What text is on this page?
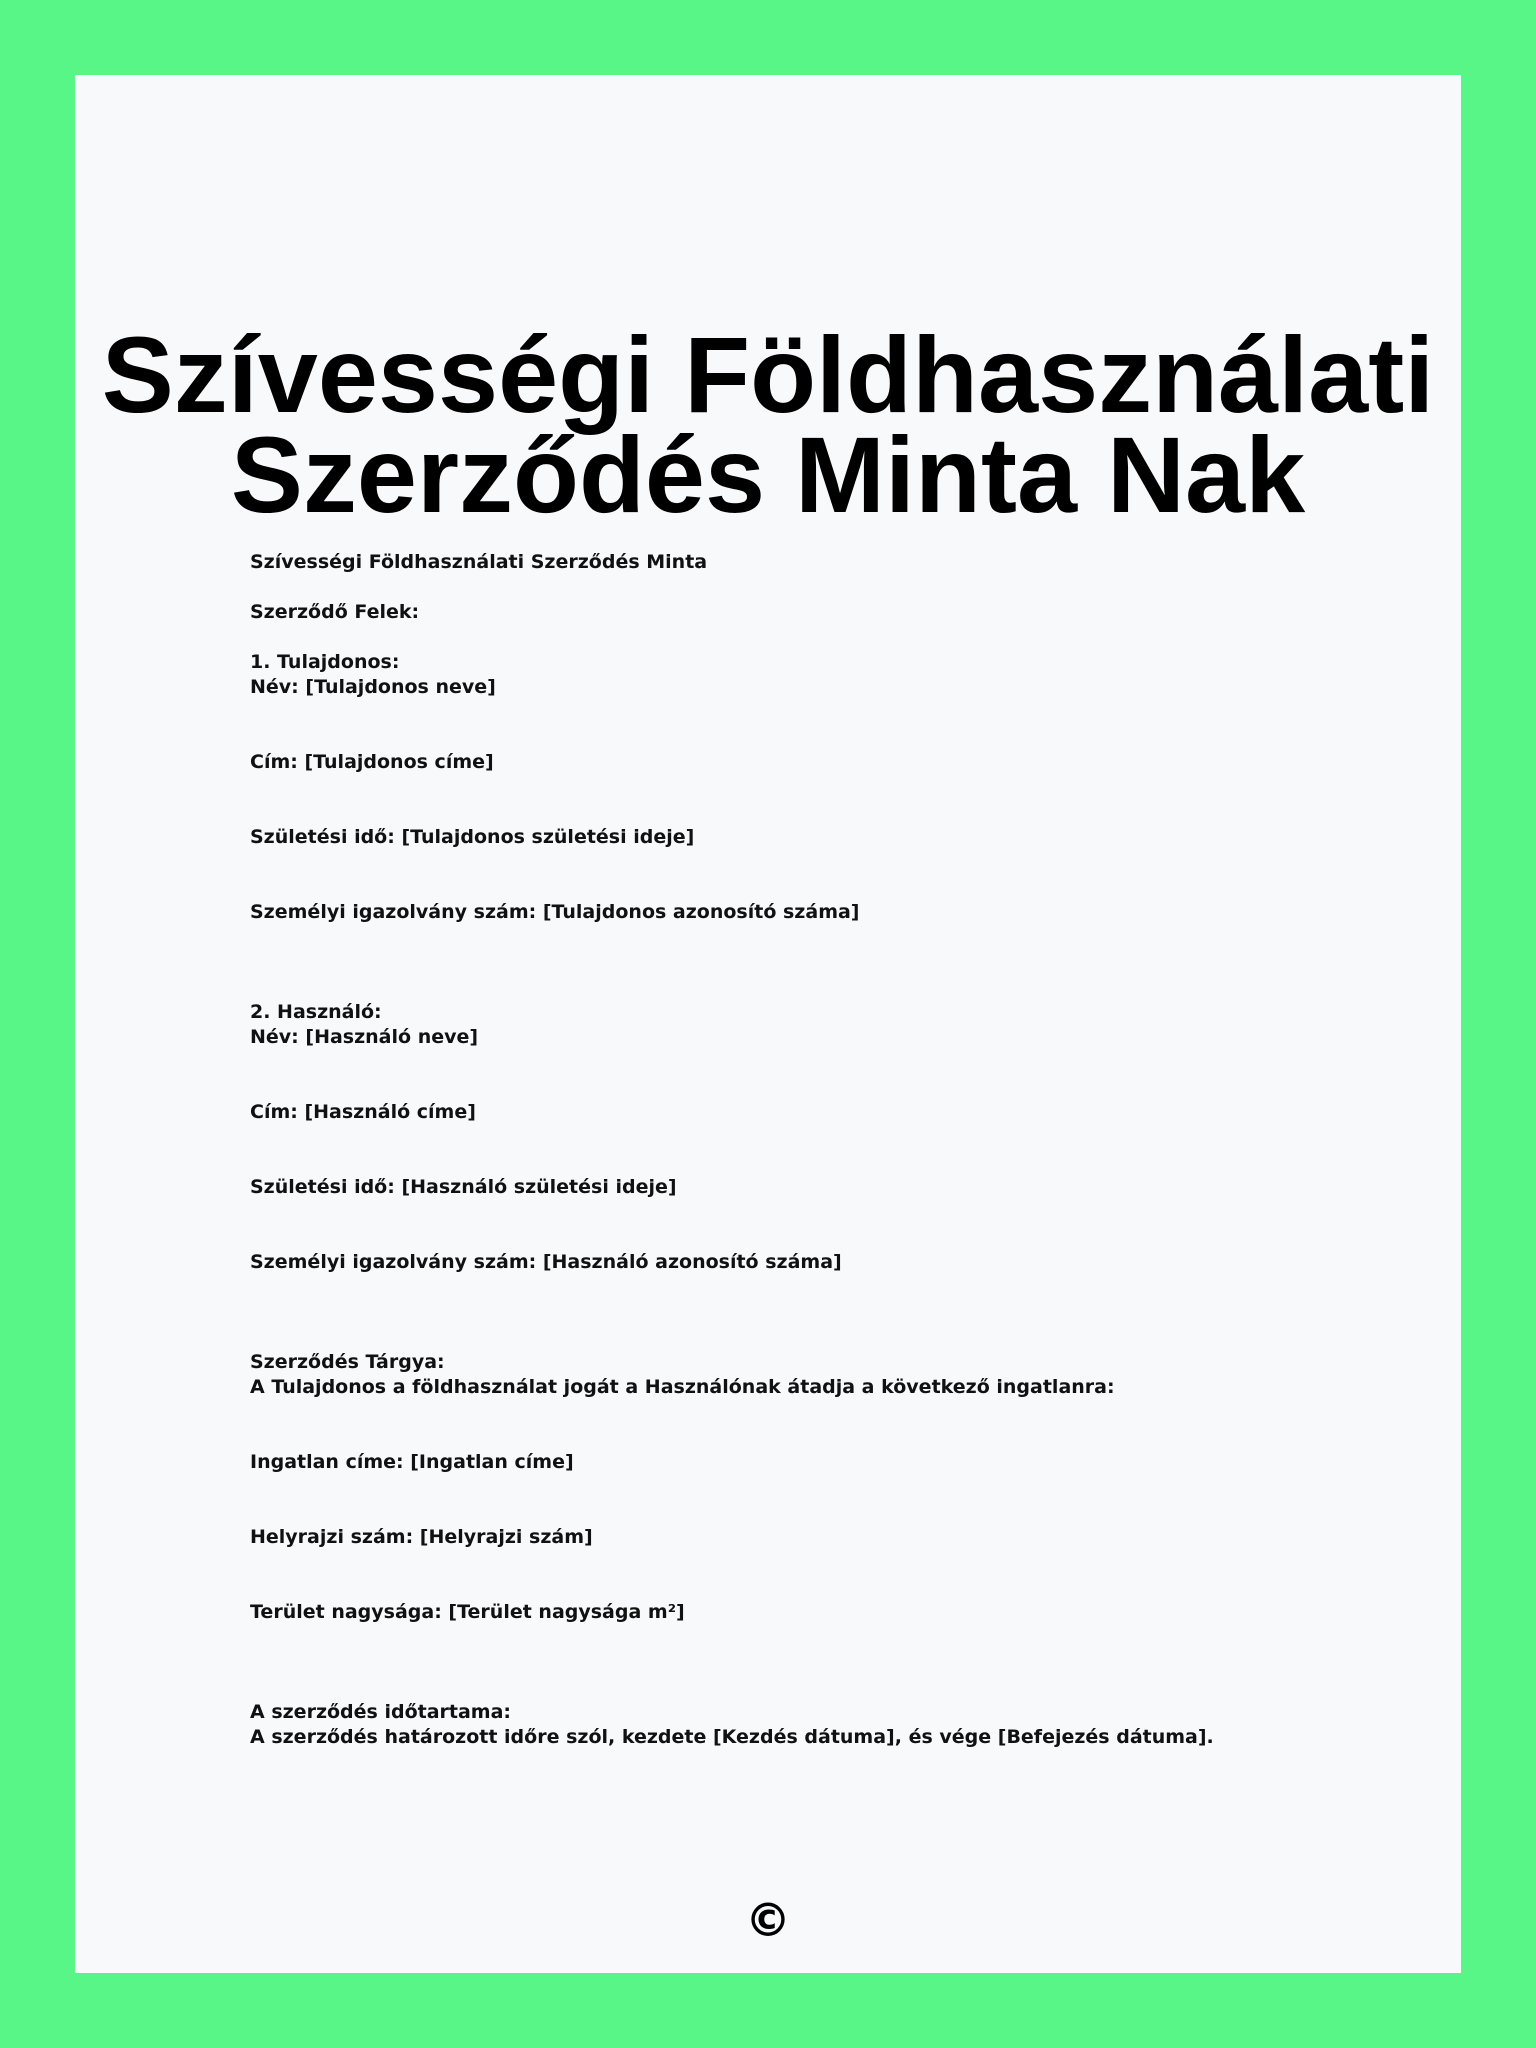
Szívességi Földhasználati
Szerződés Minta Nak
Szívességi Földhasználati Szerződés Minta
Szerződő Felek:
1. Tulajdonos:
Név: [Tulajdonos neve]
Cím: [Tulajdonos címe]
Születési idő: [Tulajdonos születési ideje]
Személyi igazolvány szám: [Tulajdonos azonosító száma]
2. Használó:
Név: [Használó neve]
Cím: [Használó címe]
Születési idő: [Használó születési ideje]
Személyi igazolvány szám: [Használó azonosító száma]
Szerződés Tárgya:
A Tulajdonos a földhasználat jogát a Használónak átadja a következő ingatlanra:
Ingatlan címe: [Ingatlan címe]
Helyrajzi szám: [Helyrajzi szám]
Terület nagysága: [Terület nagysága m²]
A szerződés időtartama:
A szerződés határozott időre szól, kezdete [Kezdés dátuma], és vége [Befejezés dátuma].
©
